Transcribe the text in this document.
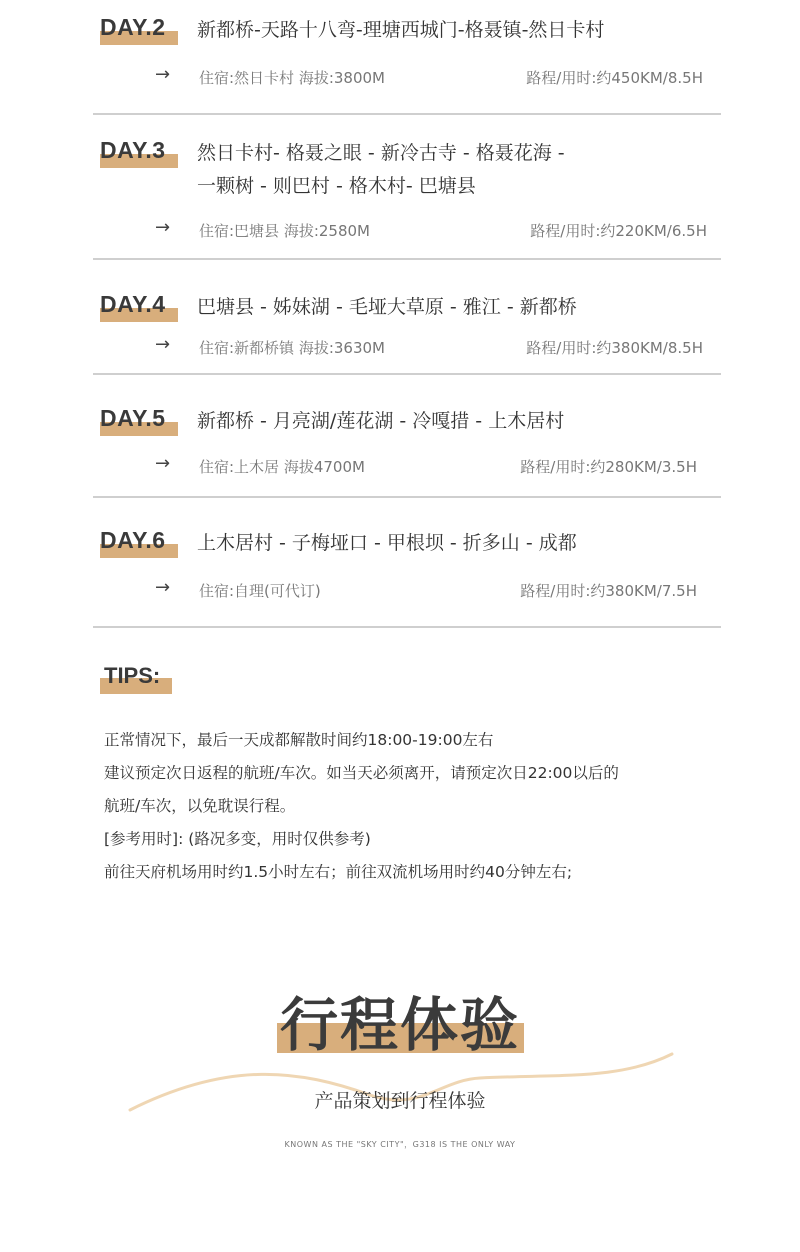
DAY.2 新都桥-天路十八弯-理塘西城门-格聂镇-然日卡村
→ 住宿:然日卡村 海拔:3800M	路程/用时:约450KM/8.5H
DAY.3 然日卡村- 格聂之眼 - 新冷古寺 - 格聂花海 -
一颗树 - 则巴村 - 格木村- 巴塘县
→ 住宿:巴塘县 海拔:2580M	路程/用时:约220KM/6.5H
DAY.4 巴塘县 - 姊妹湖 - 毛垭大草原 - 雅江 - 新都桥
→ 住宿:新都桥镇 海拔:3630M	路程/用时:约380KM/8.5H
DAY.5 新都桥 - 月亮湖/莲花湖 - 冷嘎措 - 上木居村
→ 住宿:上木居 海拔4700M	路程/用时:约280KM/3.5H
DAY.6 上木居村 - 子梅垭口 - 甲根坝 - 折多山 - 成都
→ 住宿:自理(可代订)	路程/用时:约380KM/7.5H
TIPS:
正常情况下，最后一天成都解散时间约18:00-19:00左右
建议预定次日返程的航班/车次。如当天必须离开，请预定次日22:00以后的
航班/车次，以免耽误行程。
[参考用时]: (路况多变，用时仅供参考)
前往天府机场用时约1.5小时左右；前往双流机场用时约40分钟左右;
行程体验
产品策划到行程体验
KNOWN AS THE "SKY CITY"，G318 IS THE ONLY WAY
